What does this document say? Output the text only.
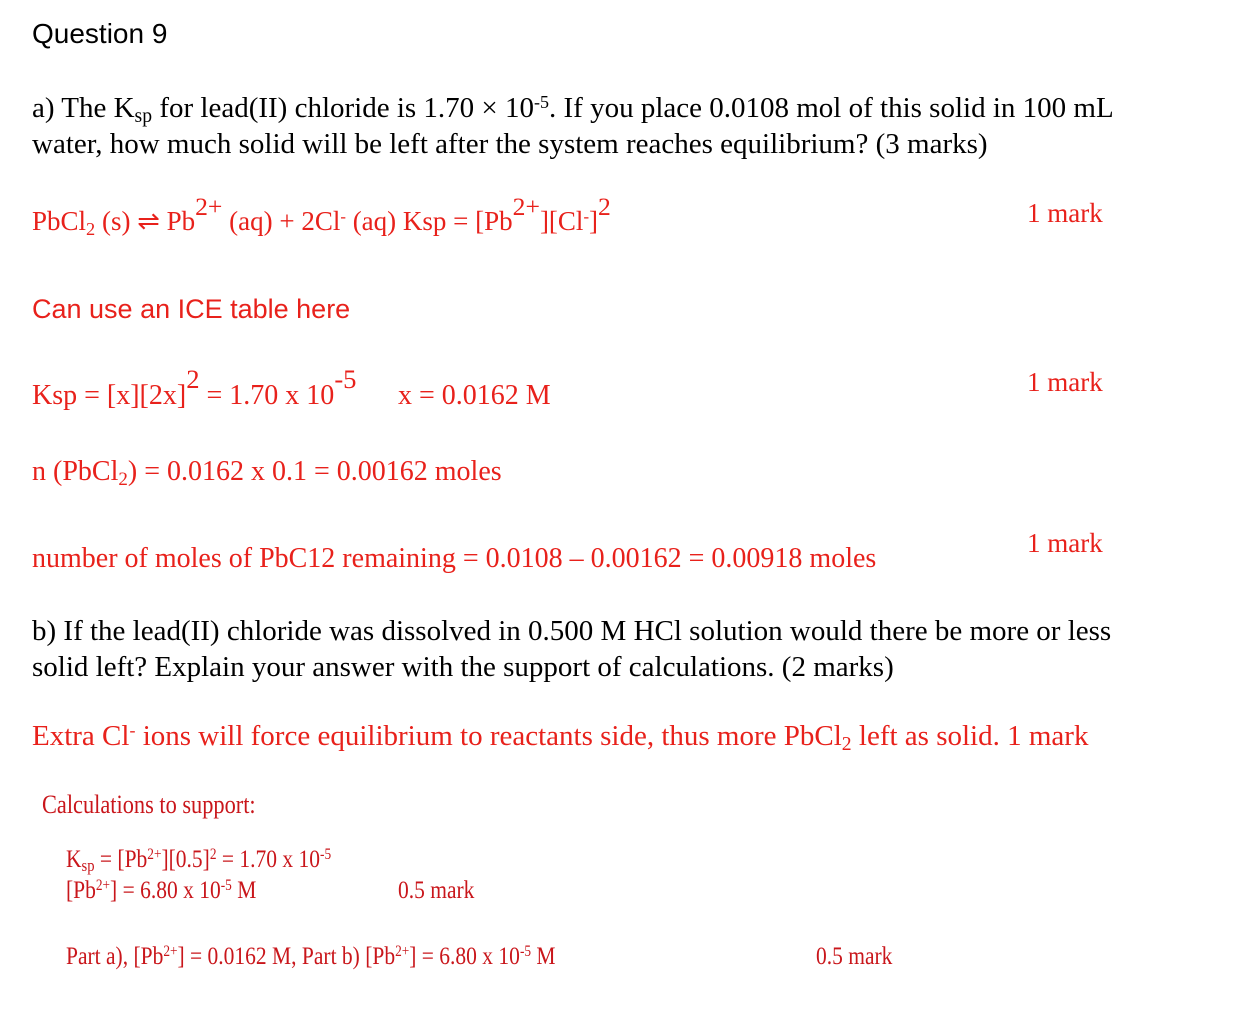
Question 9
a) The $K_{sp}$ for lead(II) chloride is $1.70 \times 10^{-5}$. If you place 0.0108 mol of this solid in 100 mL
water, how much solid will be left after the system reaches equilibrium? (3 marks)
PbCl$_2$ (s) ⇌ $Pb^{2+}$ (aq) + 2Cl- (aq) Ksp = $[Pb^{2+}][Cl^-]^2$	1 mark
Can use an ICE table here
Ksp = $[x][2x]^2 = 1.70$ x $10^{-5}$
x = 0.0162 M	1 mark
n (PbCl$_2$) = 0.0162 x 0.1 = 0.00162 moles
number of moles of PbC12 remaining = 0.0108 – 0.00162 = 0.00918 moles	1 mark
b) If the lead(II) chloride was dissolved in 0.500 M HCl solution would there be more or less
solid left? Explain your answer with the support of calculations. (2 marks)
Extra Cl- ions will force equilibrium to reactants side, thus more PbCl$_2$ left as solid. 1 mark
Calculations to support:
$K_{sp} = [Pb^{2+}][0.5]^2 = 1.70$ x $10^{-5}$
$[Pb^{2+}] = 6.80$ x $10^{-5}$ M	0.5 mark
Part a), $[Pb^{2+}] = 0.0162$ M, Part b) $[Pb^{2+}] = 6.80$ x $10^{-5}$ M	0.5 mark
